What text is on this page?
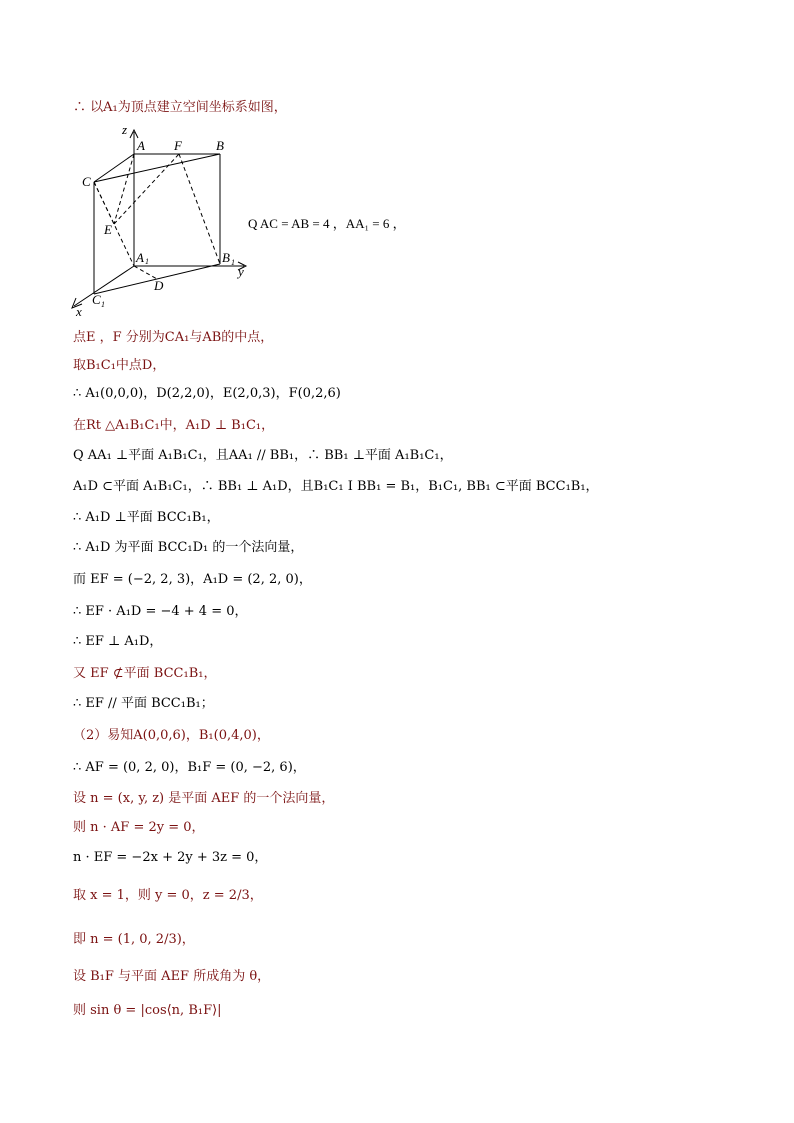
z
A F	B
C
E
A 1	B 1
y
D
C 1
x
Q AC = AB = 4 ，AA₁ = 6 ，
∴ 以A₁为顶点建立空间坐标系如图，
点E ，F 分别为CA₁与AB的中点，
取B₁C₁中点D，
∴ A₁(0,0,0)，D(2,2,0)，E(2,0,3)，F(0,2,6)
在Rt △A₁B₁C₁中，A₁D ⊥ B₁C₁，
Q AA₁ ⊥平面 A₁B₁C₁，且AA₁ // BB₁，∴ BB₁ ⊥平面 A₁B₁C₁，
A₁D ⊂平面 A₁B₁C₁，∴ BB₁ ⊥ A₁D，且B₁C₁ I BB₁ = B₁，B₁C₁, BB₁ ⊂平面 BCC₁B₁，
∴ A₁D ⊥平面 BCC₁B₁，
∴ A₁D 为平面 BCC₁D₁ 的一个法向量，
而 EF = (−2, 2, 3)，A₁D = (2, 2, 0)，
∴ EF · A₁D = −4 + 4 = 0，
∴ EF ⊥ A₁D，
又 EF ⊄平面 BCC₁B₁，
∴ EF // 平面 BCC₁B₁；
（2）易知A(0,0,6)，B₁(0,4,0)，
∴ AF = (0, 2, 0)，B₁F = (0, −2, 6)，
设 n = (x, y, z) 是平面 AEF 的一个法向量，
则 n · AF = 2y = 0，
n · EF = −2x + 2y + 3z = 0，
取 x = 1，则 y = 0，z = 2/3，
即 n = (1, 0, 2/3)，
设 B₁F 与平面 AEF 所成角为 θ，
则 sin θ = |cos⟨n, B₁F⟩|
